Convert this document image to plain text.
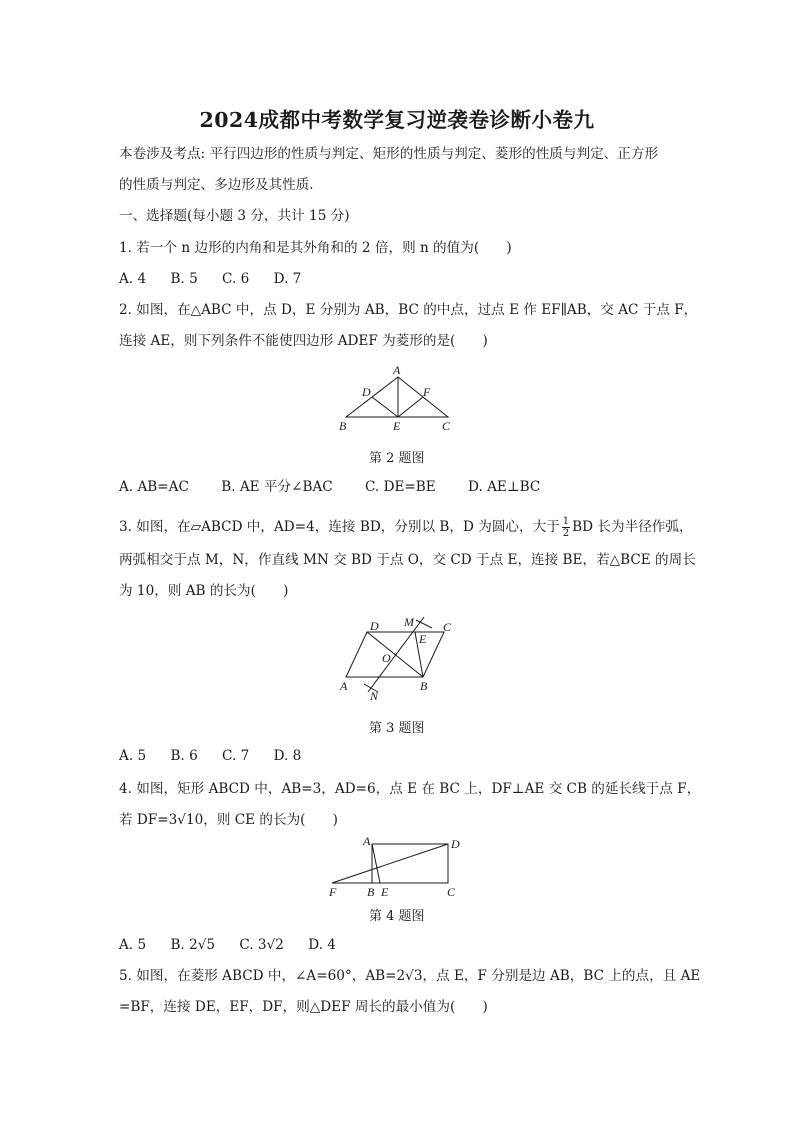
2024成都中考数学复习逆袭卷诊断小卷九
本卷涉及考点: 平行四边形的性质与判定、矩形的性质与判定、菱形的性质与判定、正方形
的性质与判定、多边形及其性质.
一、选择题(每小题 3 分，共计 15 分)
1. 若一个 n 边形的内角和是其外角和的 2 倍，则 n 的值为(　　)
A. 4 B. 5 C. 6 D. 7
2. 如图，在△ABC 中，点 D，E 分别为 AB，BC 的中点，过点 E 作 EF∥AB，交 AC 于点 F，
连接 AE，则下列条件不能使四边形 ADEF 为菱形的是(　　)
A
B	C
D
E
F
第 2 题图
A. AB=AC B. AE 平分∠BAC C. DE=BE D. AE⊥BC
3. 如图，在▱ABCD 中，AD=4，连接 BD，分别以 B，D 为圆心，大于 $\frac{1}{2}$ BD 长为半径作弧，
两弧相交于点 M，N，作直线 MN 交 BD 于点 O，交 CD 于点 E，连接 BE，若△BCE 的周长
为 10，则 AB 的长为(　　)
D M
E
C
O
A
N
B
第 3 题图
A. 5 B. 6 C. 7 D. 8
4. 如图，矩形 ABCD 中，AB=3，AD=6，点 E 在 BC 上，DF⊥AE 交 CB 的延长线于点 F，
若 DF=3√10，则 CE 的长为(　　)
A	D
F	B E	C
第 4 题图
A. 5 B. 2√5 C. 3√2 D. 4
5. 如图，在菱形 ABCD 中，∠A=60°，AB=2√3，点 E，F 分别是边 AB，BC 上的点，且 AE
=BF，连接 DE，EF，DF，则△DEF 周长的最小值为(　　)
